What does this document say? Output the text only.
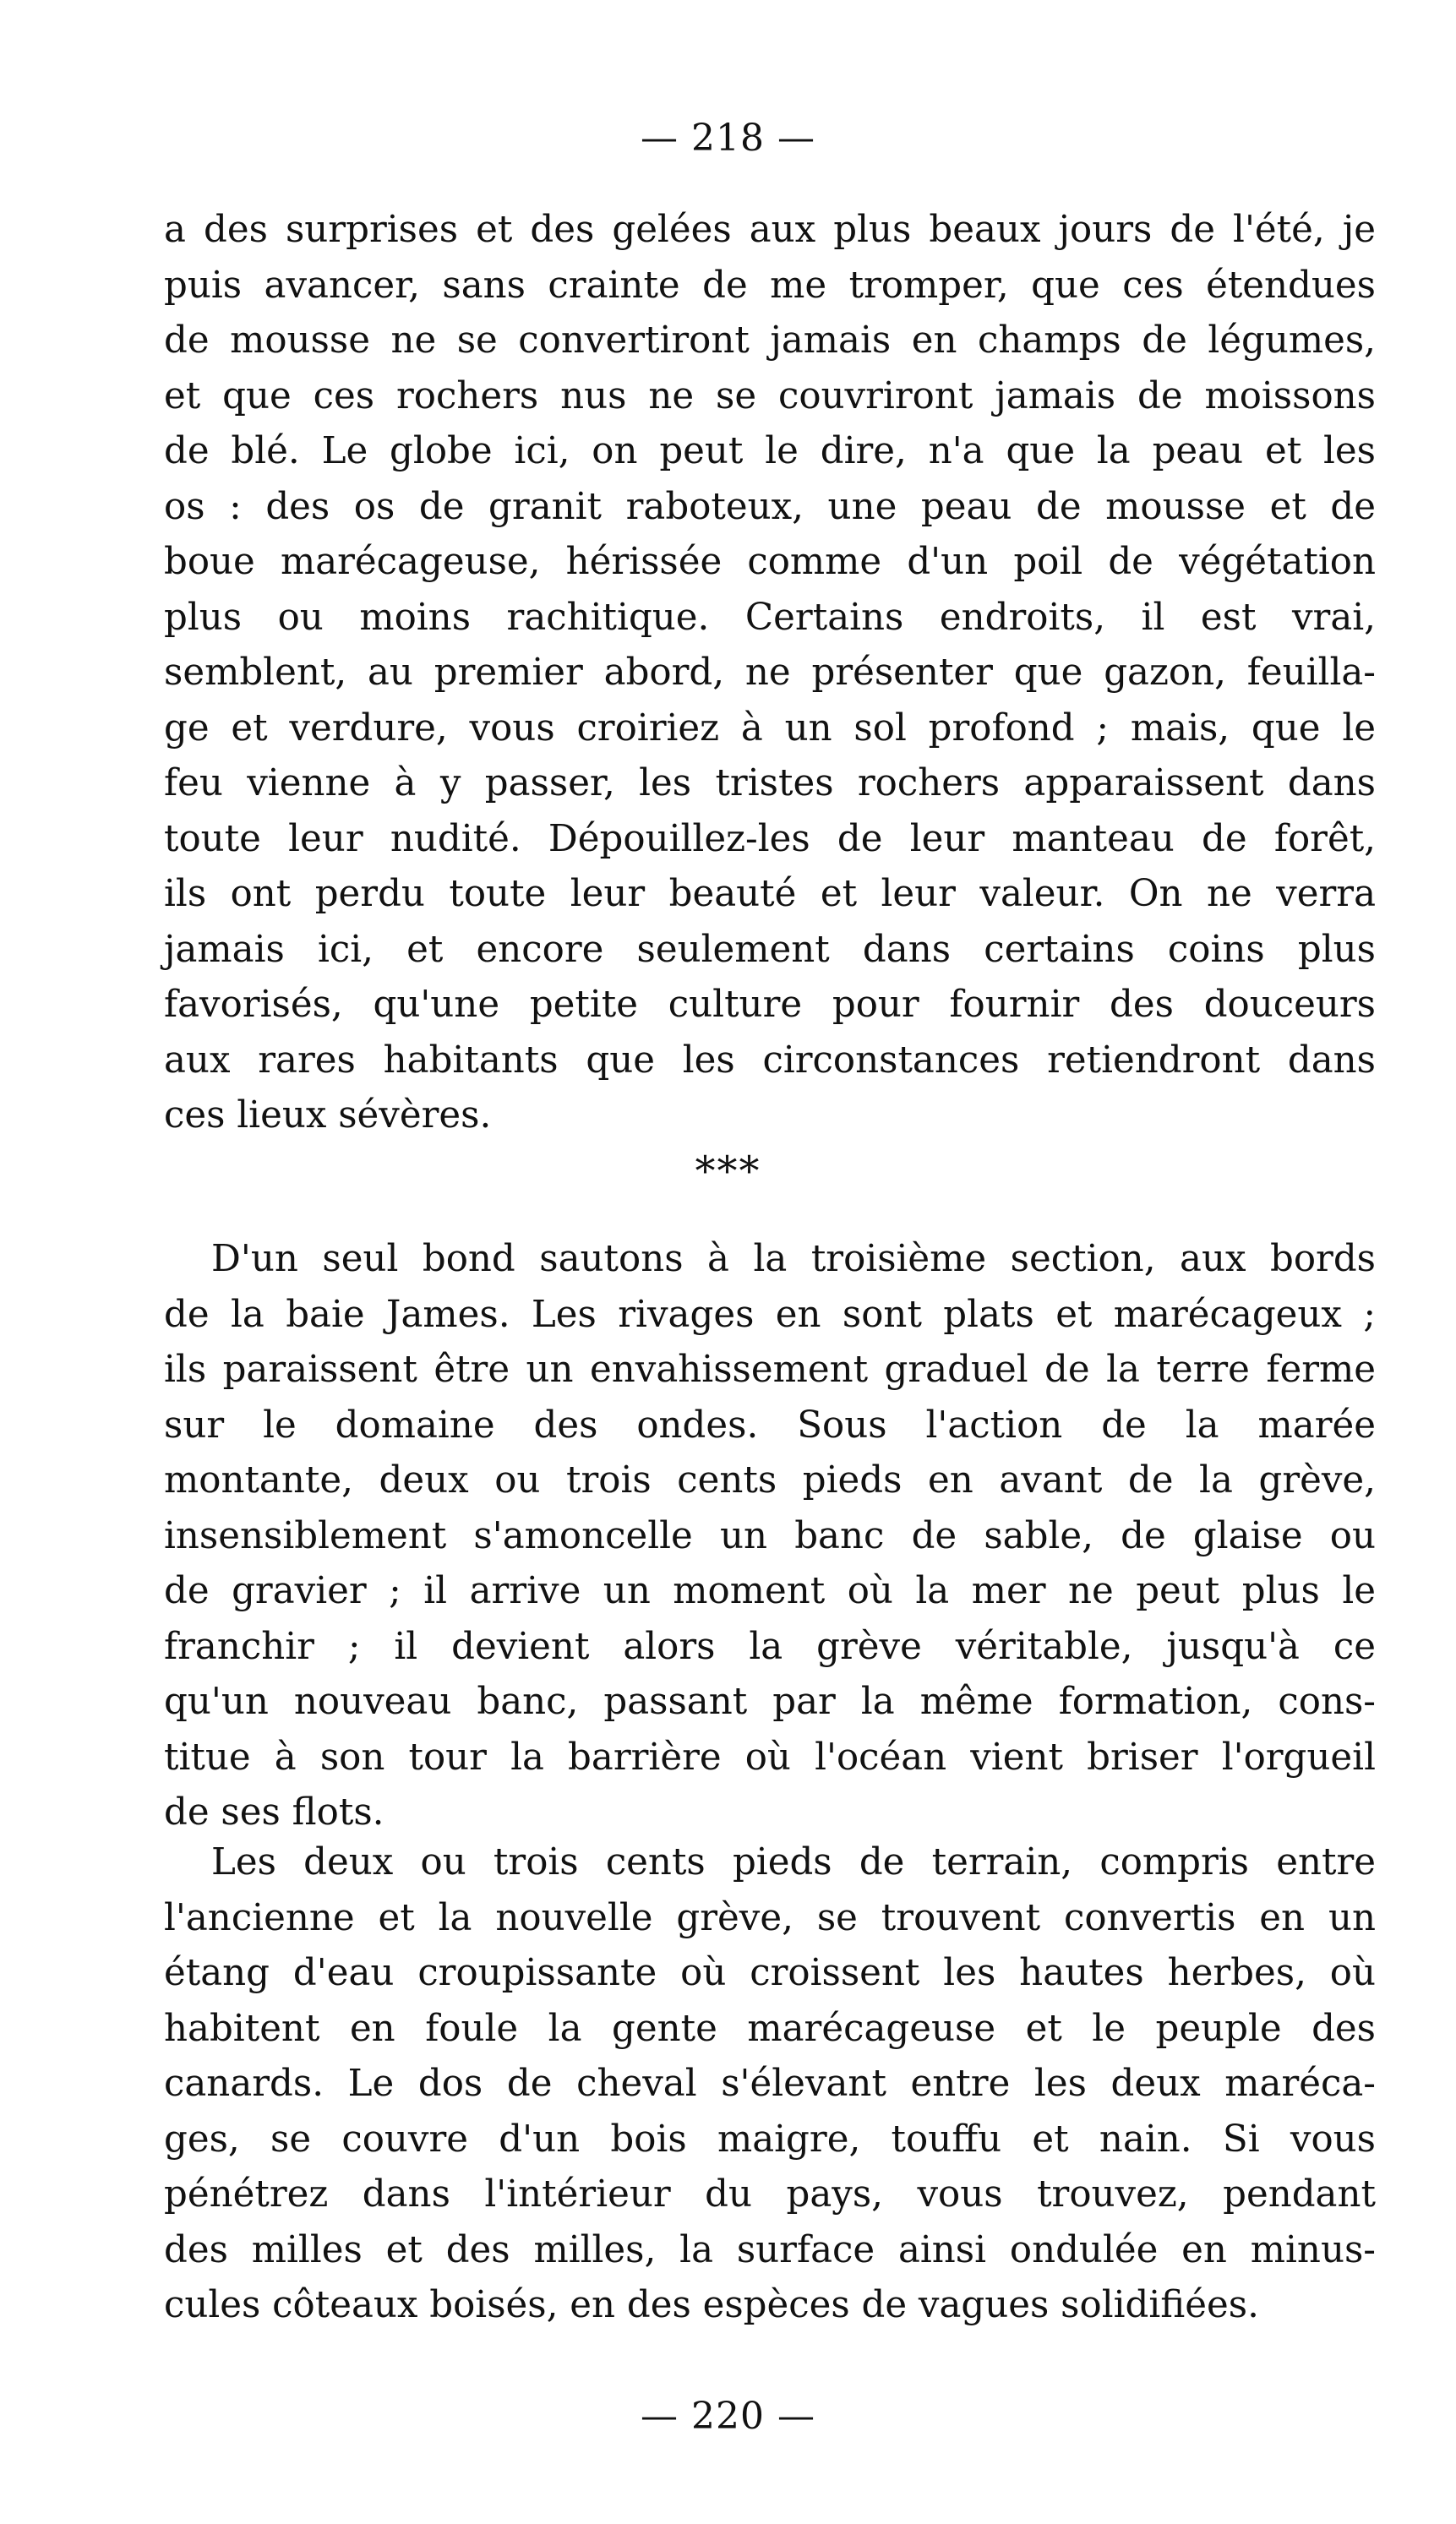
— 218 —
a des surprises et des gelées aux plus beaux jours de l'été, je
puis avancer, sans crainte de me tromper, que ces étendues
de mousse ne se convertiront jamais en champs de légumes,
et que ces rochers nus ne se couvriront jamais de moissons
de blé. Le globe ici, on peut le dire, n'a que la peau et les
os : des os de granit raboteux, une peau de mousse et de
boue marécageuse, hérissée comme d'un poil de végétation
plus ou moins rachitique. Certains endroits, il est vrai,
semblent, au premier abord, ne présenter que gazon, feuilla-
ge et verdure, vous croiriez à un sol profond ; mais, que le
feu vienne à y passer, les tristes rochers apparaissent dans
toute leur nudité. Dépouillez-les de leur manteau de forêt,
ils ont perdu toute leur beauté et leur valeur. On ne verra
jamais ici, et encore seulement dans certains coins plus
favorisés, qu'une petite culture pour fournir des douceurs
aux rares habitants que les circonstances retiendront dans
ces lieux sévères.
***
D'un seul bond sautons à la troisième section, aux bords
de la baie James. Les rivages en sont plats et marécageux ;
ils paraissent être un envahissement graduel de la terre ferme
sur le domaine des ondes. Sous l'action de la marée
montante, deux ou trois cents pieds en avant de la grève,
insensiblement s'amoncelle un banc de sable, de glaise ou
de gravier ; il arrive un moment où la mer ne peut plus le
franchir ; il devient alors la grève véritable, jusqu'à ce
qu'un nouveau banc, passant par la même formation, cons-
titue à son tour la barrière où l'océan vient briser l'orgueil
de ses flots.
Les deux ou trois cents pieds de terrain, compris entre
l'ancienne et la nouvelle grève, se trouvent convertis en un
étang d'eau croupissante où croissent les hautes herbes, où
habitent en foule la gente marécageuse et le peuple des
canards. Le dos de cheval s'élevant entre les deux maréca-
ges, se couvre d'un bois maigre, touffu et nain. Si vous
pénétrez dans l'intérieur du pays, vous trouvez, pendant
des milles et des milles, la surface ainsi ondulée en minus-
cules côteaux boisés, en des espèces de vagues solidifiées.
— 220 —
